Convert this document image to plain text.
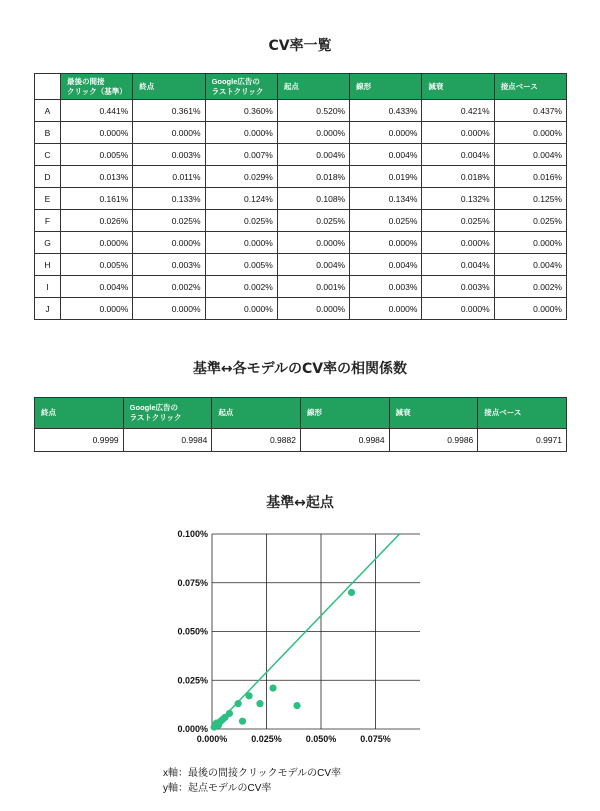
CV率一覧
	最後の間接
クリック（基準）	終点	Google広告の
ラストクリック	起点	線形	減衰	接点ベース
A	0.441%	0.361%	0.360%	0.520%	0.433%	0.421%	0.437%
B	0.000%	0.000%	0.000%	0.000%	0.000%	0.000%	0.000%
C	0.005%	0.003%	0.007%	0.004%	0.004%	0.004%	0.004%
D	0.013%	0.011%	0.029%	0.018%	0.019%	0.018%	0.016%
E	0.161%	0.133%	0.124%	0.108%	0.134%	0.132%	0.125%
F	0.026%	0.025%	0.025%	0.025%	0.025%	0.025%	0.025%
G	0.000%	0.000%	0.000%	0.000%	0.000%	0.000%	0.000%
H	0.005%	0.003%	0.005%	0.004%	0.004%	0.004%	0.004%
I	0.004%	0.002%	0.002%	0.001%	0.003%	0.003%	0.002%
J	0.000%	0.000%	0.000%	0.000%	0.000%	0.000%	0.000%
基準↔各モデルのCV率の相関係数
終点	Google広告の
ラストクリック	起点	線形	減衰	接点ベース
0.9999	0.9984	0.9882	0.9984	0.9986	0.9971
基準↔起点
0.000%
0.025%
0.050%
0.075%
0.100%
0.000%	0.025%	0.050%	0.075%
x軸：最後の間接クリックモデルのCV率
y軸：起点モデルのCV率
